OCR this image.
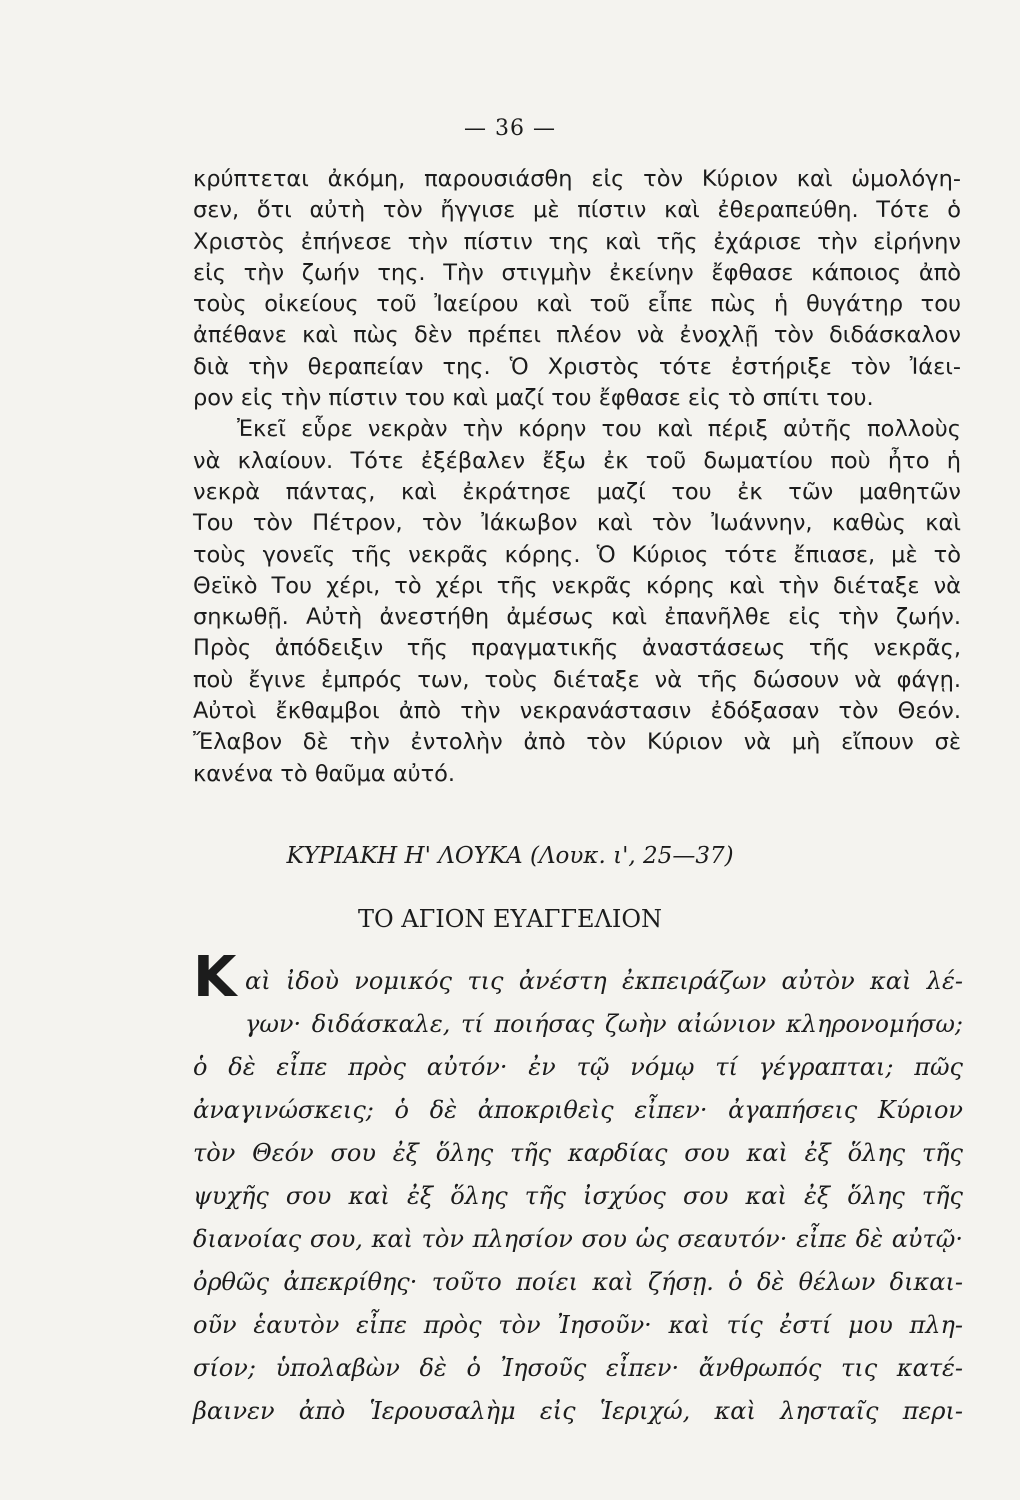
— 36 —
κρύπτεται ἀκόμη, παρουσιάσθη εἰς τὸν Κύριον καὶ ὡμολόγη-
σεν, ὅτι αὐτὴ τὸν ἤγγισε μὲ πίστιν καὶ ἐθεραπεύθη. Τότε ὁ
Χριστὸς ἐπήνεσε τὴν πίστιν της καὶ τῆς ἐχάρισε τὴν εἰρήνην
εἰς τὴν ζωήν της. Τὴν στιγμὴν ἐκείνην ἔφθασε κάποιος ἀπὸ
τοὺς οἰκείους τοῦ Ἰαείρου καὶ τοῦ εἶπε πὼς ἡ θυγάτηρ του
ἀπέθανε καὶ πὼς δὲν πρέπει πλέον νὰ ἐνοχλῇ τὸν διδάσκαλον
διὰ τὴν θεραπείαν της. Ὁ Χριστὸς τότε ἐστήριξε τὸν Ἰάει-
ρον εἰς τὴν πίστιν του καὶ μαζί του ἔφθασε εἰς τὸ σπίτι του.
Ἐκεῖ εὗρε νεκρὰν τὴν κόρην του καὶ πέριξ αὐτῆς πολλοὺς
νὰ κλαίουν. Τότε ἐξέβαλεν ἔξω ἐκ τοῦ δωματίου ποὺ ἦτο ἡ
νεκρὰ πάντας, καὶ ἐκράτησε μαζί του ἐκ τῶν μαθητῶν
Του τὸν Πέτρον, τὸν Ἰάκωβον καὶ τὸν Ἰωάννην, καθὼς καὶ
τοὺς γονεῖς τῆς νεκρᾶς κόρης. Ὁ Κύριος τότε ἔπιασε, μὲ τὸ
Θεϊκὸ Του χέρι, τὸ χέρι τῆς νεκρᾶς κόρης καὶ τὴν διέταξε νὰ
σηκωθῇ. Αὐτὴ ἀνεστήθη ἀμέσως καὶ ἐπανῆλθε εἰς τὴν ζωήν.
Πρὸς ἀπόδειξιν τῆς πραγματικῆς ἀναστάσεως τῆς νεκρᾶς,
ποὺ ἔγινε ἐμπρός των, τοὺς διέταξε νὰ τῆς δώσουν νὰ φάγῃ.
Αὐτοὶ ἔκθαμβοι ἀπὸ τὴν νεκρανάστασιν ἐδόξασαν τὸν Θεόν.
Ἔλαβον δὲ τὴν ἐντολὴν ἀπὸ τὸν Κύριον νὰ μὴ εἴπουν σὲ
κανένα τὸ θαῦμα αὐτό.
ΚΥΡΙΑΚΗ Η' ΛΟΥΚΑ (Λουκ. ι', 25—37)
ΤΟ ΑΓΙΟΝ ΕΥΑΓΓΕΛΙΟΝ
Κ αὶ ἰδοὺ νομικός τις ἀνέστη ἐκπειράζων αὐτὸν καὶ λέ-
γων· διδάσκαλε, τί ποιήσας ζωὴν αἰώνιον κληρονομήσω;
ὁ δὲ εἶπε πρὸς αὐτόν· ἐν τῷ νόμῳ τί γέγραπται; πῶς
ἀναγινώσκεις; ὁ δὲ ἀποκριθεὶς εἶπεν· ἀγαπήσεις Κύριον
τὸν Θεόν σου ἐξ ὅλης τῆς καρδίας σου καὶ ἐξ ὅλης τῆς
ψυχῆς σου καὶ ἐξ ὅλης τῆς ἰσχύος σου καὶ ἐξ ὅλης τῆς
διανοίας σου, καὶ τὸν πλησίον σου ὡς σεαυτόν· εἶπε δὲ αὐτῷ·
ὀρθῶς ἀπεκρίθης· τοῦτο ποίει καὶ ζήσῃ. ὁ δὲ θέλων δικαι-
οῦν ἑαυτὸν εἶπε πρὸς τὸν Ἰησοῦν· καὶ τίς ἐστί μου πλη-
σίον; ὑπολαβὼν δὲ ὁ Ἰησοῦς εἶπεν· ἄνθρωπός τις κατέ-
βαινεν ἀπὸ Ἱερουσαλὴμ εἰς Ἱεριχώ, καὶ λησταῖς περι-
